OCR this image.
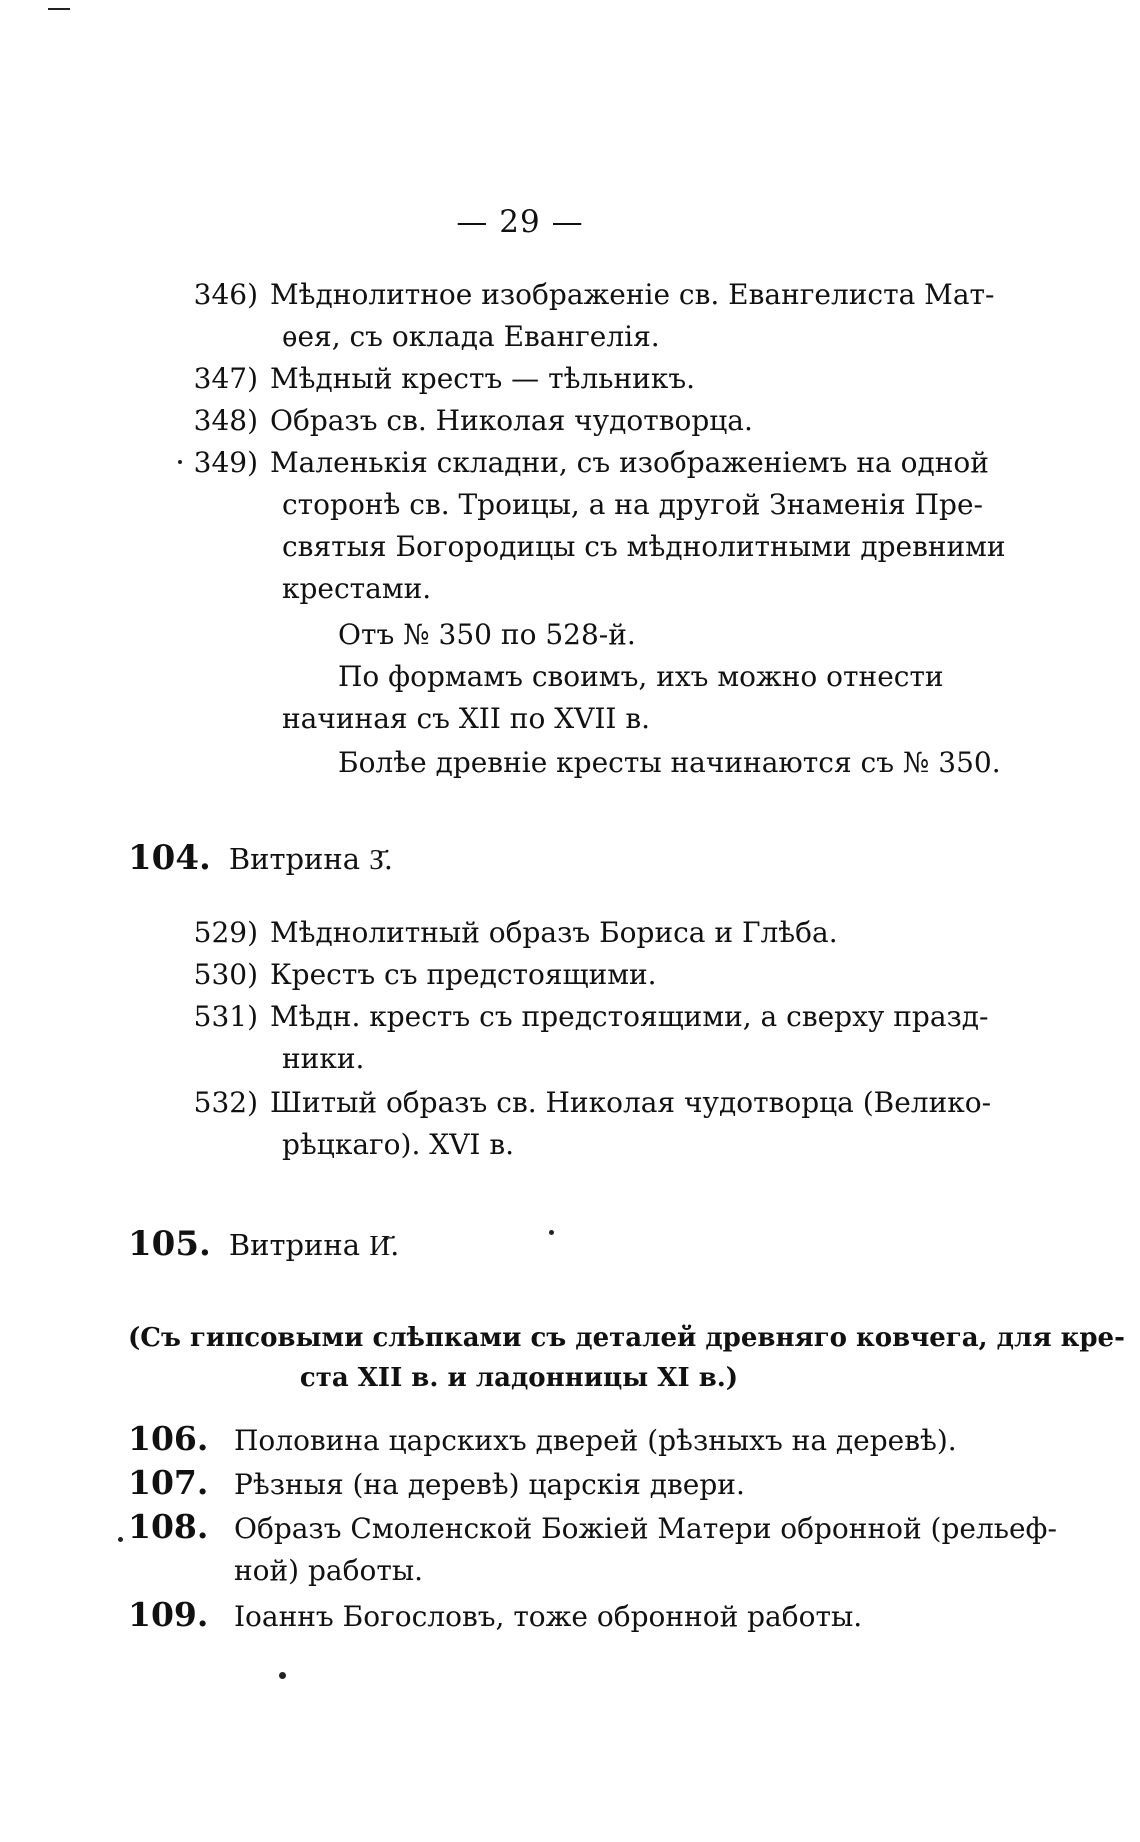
— 29 —
346) Мѣднолитное изображеніе св. Евангелиста Мат-
ѳея, съ оклада Евангелія.
347) Мѣдный крестъ — тѣльникъ.
348) Образъ св. Николая чудотворца.
349) Маленькія складни, съ изображеніемъ на одной
сторонѣ св. Троицы, а на другой Знаменія Пре-
святыя Богородицы съ мѣднолитными древними
крестами.
Отъ № 350 по 528-й.
По формамъ своимъ, ихъ можно отнести
начиная съ XII по XVII в.
Болѣе древніе кресты начинаются съ № 350.
104. Витрина З҃.
529) Мѣднолитный образъ Бориса и Глѣба.
530) Крестъ съ предстоящими.
531) Мѣдн. крестъ съ предстоящими, а сверху празд-
ники.
532) Шитый образъ св. Николая чудотворца (Велико-
рѣцкаго). XVI в.
105. Витрина И҃.
(Съ гипсовыми слѣпками съ деталей древняго ковчега, для кре-
ста XII в. и ладонницы XI в.)
106. Половина царскихъ дверей (рѣзныхъ на деревѣ).
107. Рѣзныя (на деревѣ) царскія двери.
108. Образъ Смоленской Божіей Матери обронной (рельеф-
ной) работы.
109. Іоаннъ Богословъ, тоже обронной работы.
